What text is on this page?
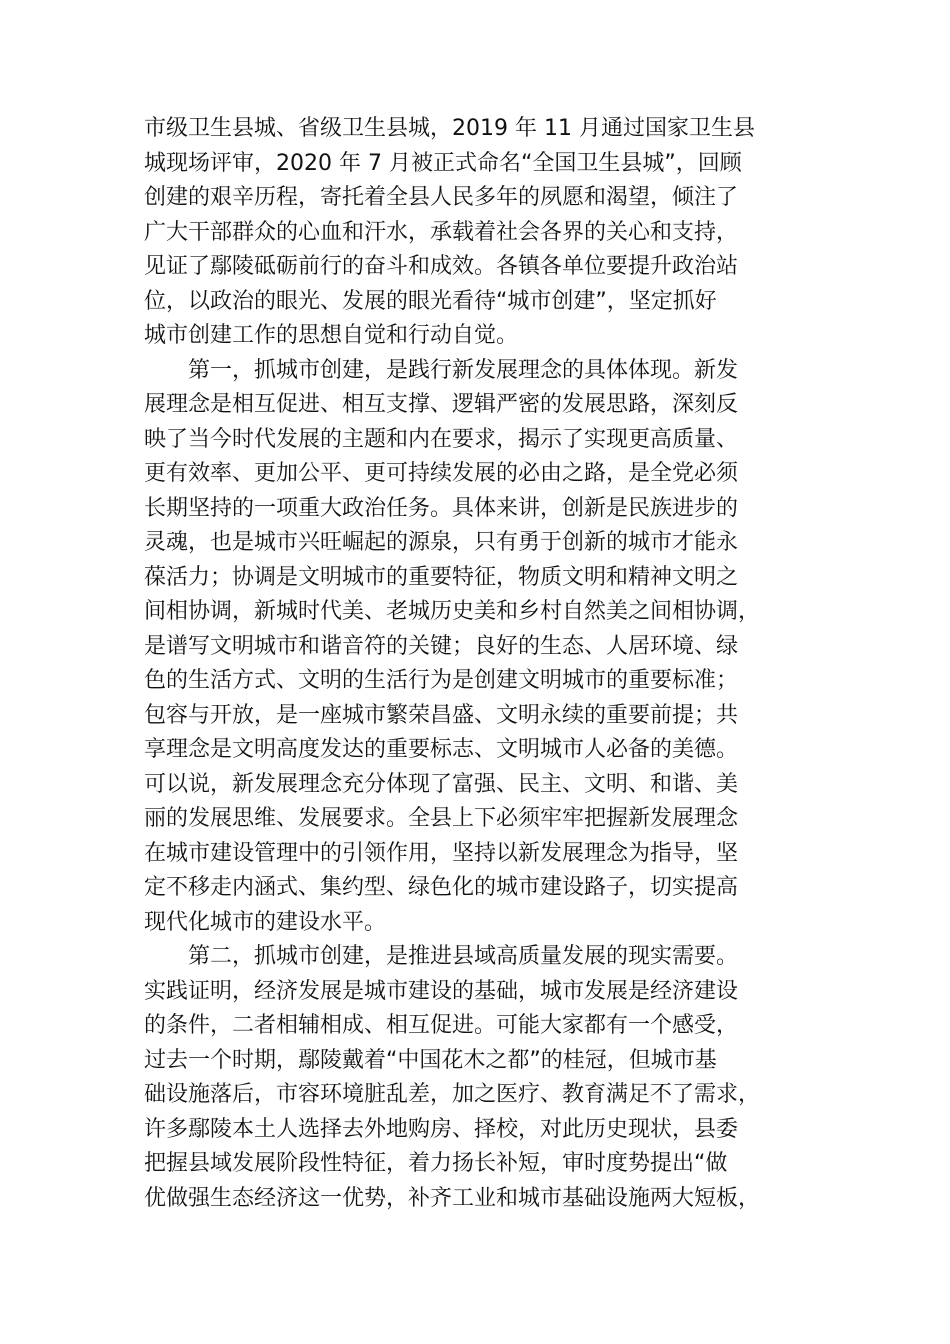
市级卫生县城、省级卫生县城，2019 年 11 月通过国家卫生县
城现场评审，2020 年 7 月被正式命名“全国卫生县城”，回顾
创建的艰辛历程，寄托着全县人民多年的夙愿和渴望，倾注了
广大干部群众的心血和汗水，承载着社会各界的关心和支持，
见证了鄢陵砥砺前行的奋斗和成效。各镇各单位要提升政治站
位，以政治的眼光、发展的眼光看待“城市创建”，坚定抓好
城市创建工作的思想自觉和行动自觉。
第一，抓城市创建，是践行新发展理念的具体体现。新发
展理念是相互促进、相互支撑、逻辑严密的发展思路，深刻反
映了当今时代发展的主题和内在要求，揭示了实现更高质量、
更有效率、更加公平、更可持续发展的必由之路，是全党必须
长期坚持的一项重大政治任务。具体来讲，创新是民族进步的
灵魂，也是城市兴旺崛起的源泉，只有勇于创新的城市才能永
葆活力；协调是文明城市的重要特征，物质文明和精神文明之
间相协调，新城时代美、老城历史美和乡村自然美之间相协调，
是谱写文明城市和谐音符的关键；良好的生态、人居环境、绿
色的生活方式、文明的生活行为是创建文明城市的重要标准；
包容与开放，是一座城市繁荣昌盛、文明永续的重要前提；共
享理念是文明高度发达的重要标志、文明城市人必备的美德。
可以说，新发展理念充分体现了富强、民主、文明、和谐、美
丽的发展思维、发展要求。全县上下必须牢牢把握新发展理念
在城市建设管理中的引领作用，坚持以新发展理念为指导，坚
定不移走内涵式、集约型、绿色化的城市建设路子，切实提高
现代化城市的建设水平。
第二，抓城市创建，是推进县域高质量发展的现实需要。
实践证明，经济发展是城市建设的基础，城市发展是经济建设
的条件，二者相辅相成、相互促进。可能大家都有一个感受，
过去一个时期，鄢陵戴着“中国花木之都”的桂冠，但城市基
础设施落后，市容环境脏乱差，加之医疗、教育满足不了需求，
许多鄢陵本土人选择去外地购房、择校，对此历史现状，县委
把握县域发展阶段性特征，着力扬长补短，审时度势提出“做
优做强生态经济这一优势，补齐工业和城市基础设施两大短板，
